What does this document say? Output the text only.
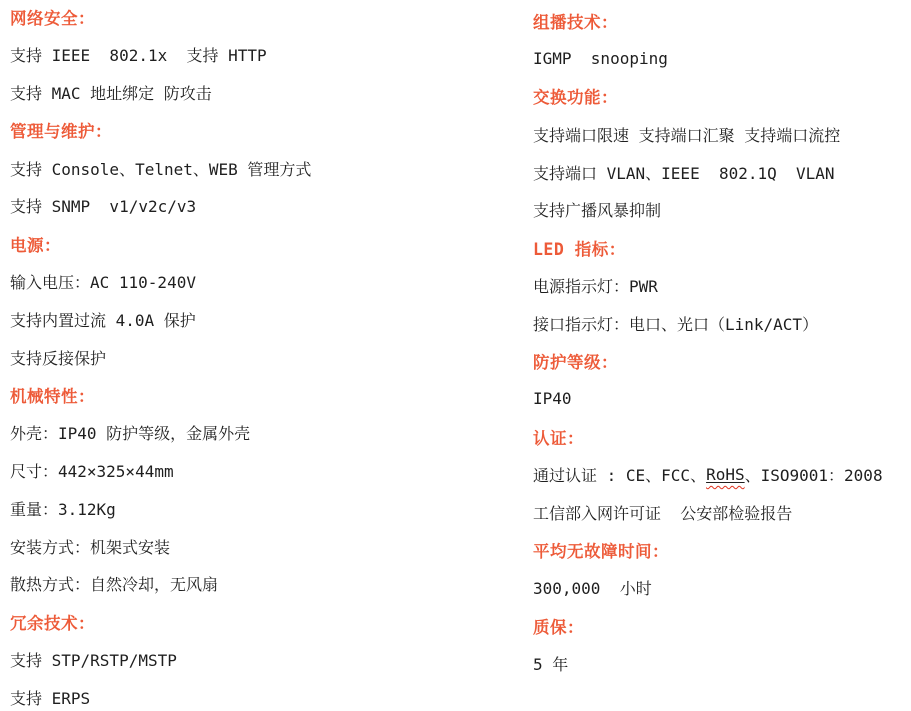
网络安全：
支持 IEEE  802.1x  支持 HTTP
支持 MAC 地址绑定 防攻击
管理与维护：
支持 Console、Telnet、WEB 管理方式
支持 SNMP  v1/v2c/v3
电源：
输入电压：AC 110-240V
支持内置过流 4.0A 保护
支持反接保护
机械特性：
外壳：IP40 防护等级，金属外壳
尺寸：442×325×44mm
重量：3.12Kg
安装方式：机架式安装
散热方式：自然冷却，无风扇
冗余技术：
支持 STP/RSTP/MSTP
支持 ERPS
组播技术：
IGMP  snooping
交换功能：
支持端口限速 支持端口汇聚 支持端口流控
支持端口 VLAN、IEEE  802.1Q  VLAN
支持广播风暴抑制
LED 指标：
电源指示灯：PWR
接口指示灯：电口、光口（Link/ACT）
防护等级：
IP40
认证：
通过认证 : CE、FCC、 RoHS 、ISO9001：2008
工信部入网许可证  公安部检验报告
平均无故障时间：
300,000  小时
质保：
5 年
